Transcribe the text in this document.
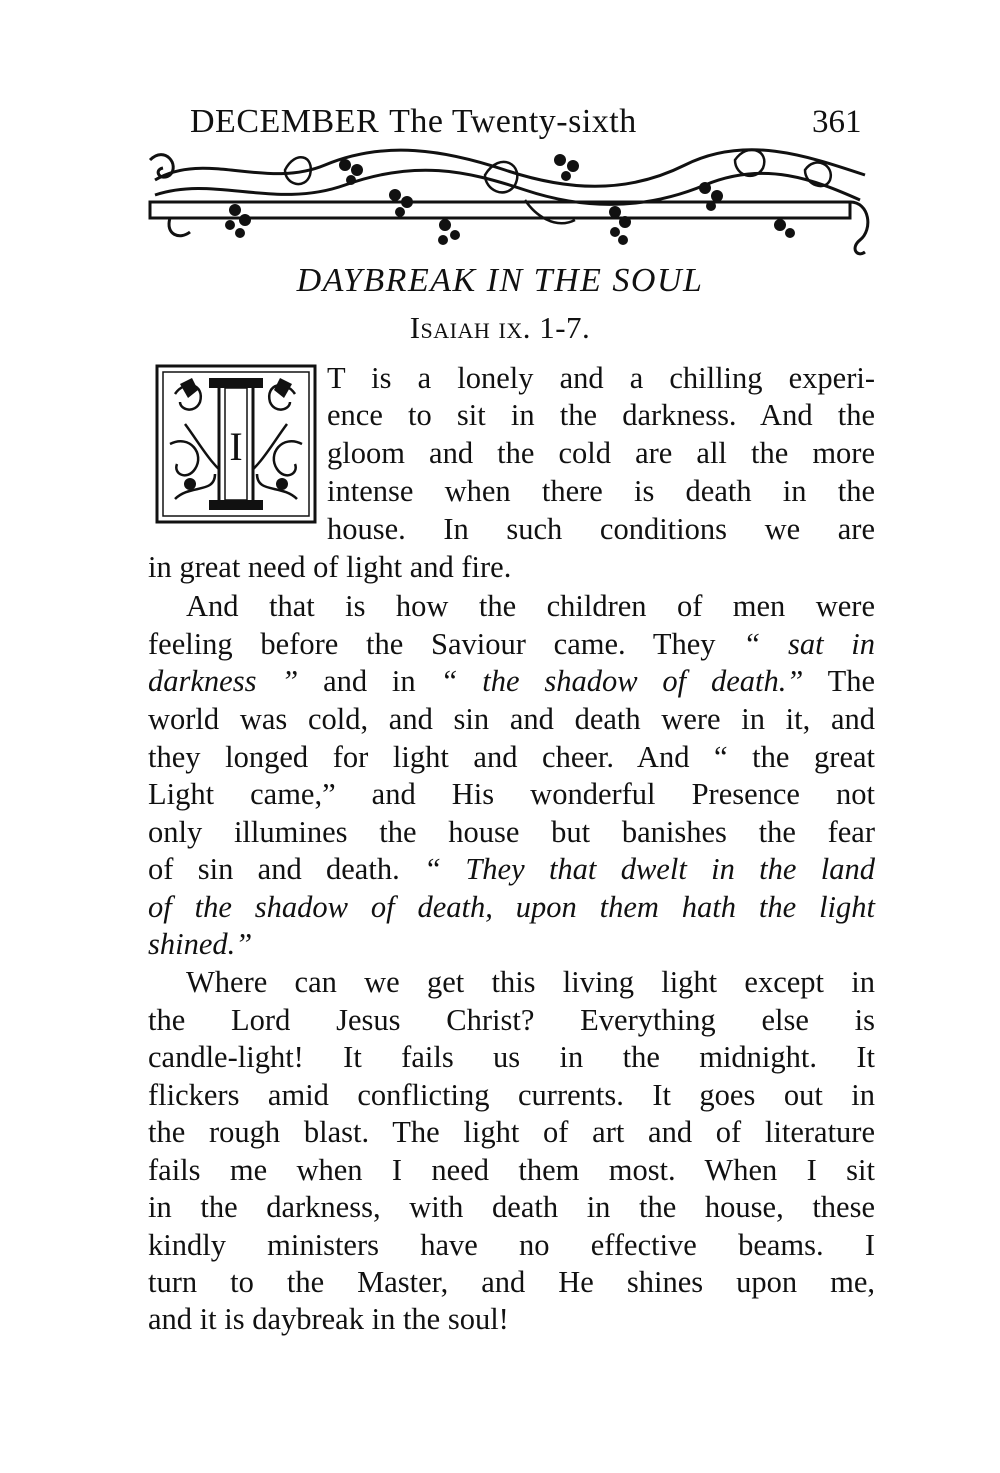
DECEMBER The Twenty-sixth	361
DAYBREAK IN THE SOUL
Isaiah ix. 1-7.
I
T is a lonely and a chilling experi-
ence to sit in the darkness. And the
gloom and the cold are all the more
intense when there is death in the
house. In such conditions we are
in great need of light and fire.
And that is how the children of men were
feeling before the Saviour came. They “ sat in
darkness ” and in “ the shadow of death.” The
world was cold, and sin and death were in it, and
they longed for light and cheer. And “ the great
Light came,” and His wonderful Presence not
only illumines the house but banishes the fear
of sin and death. “ They that dwelt in the land
of the shadow of death, upon them hath the light
shined.”
Where can we get this living light except in
the Lord Jesus Christ? Everything else is
candle-light! It fails us in the midnight. It
flickers amid conflicting currents. It goes out in
the rough blast. The light of art and of literature
fails me when I need them most. When I sit
in the darkness, with death in the house, these
kindly ministers have no effective beams. I
turn to the Master, and He shines upon me,
and it is daybreak in the soul!
